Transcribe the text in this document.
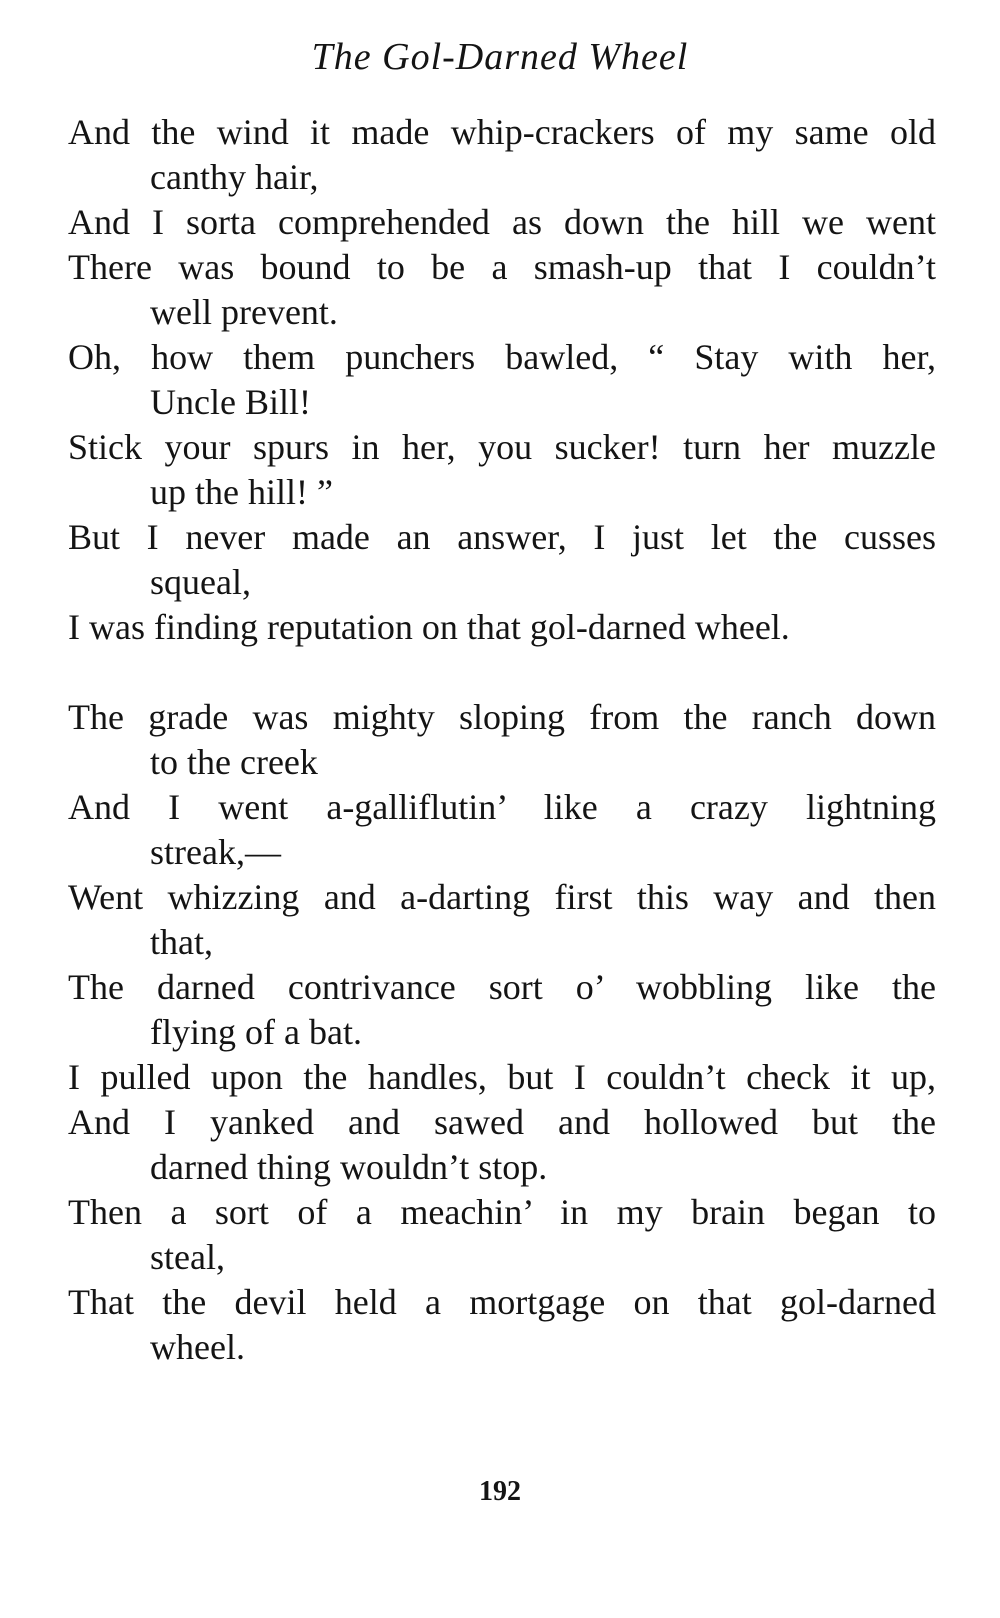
The Gol-Darned Wheel
And the wind it made whip-crackers of my same old
canthy hair,
And I sorta comprehended as down the hill we went
There was bound to be a smash-up that I couldn’t
well prevent.
Oh, how them punchers bawled, “ Stay with her,
Uncle Bill!
Stick your spurs in her, you sucker! turn her muzzle
up the hill! ”
But I never made an answer, I just let the cusses
squeal,
I was finding reputation on that gol-darned wheel.
The grade was mighty sloping from the ranch down
to the creek
And I went a-galliflutin’ like a crazy lightning
streak,—
Went whizzing and a-darting first this way and then
that,
The darned contrivance sort o’ wobbling like the
flying of a bat.
I pulled upon the handles, but I couldn’t check it up,
And I yanked and sawed and hollowed but the
darned thing wouldn’t stop.
Then a sort of a meachin’ in my brain began to
steal,
That the devil held a mortgage on that gol-darned
wheel.
192
